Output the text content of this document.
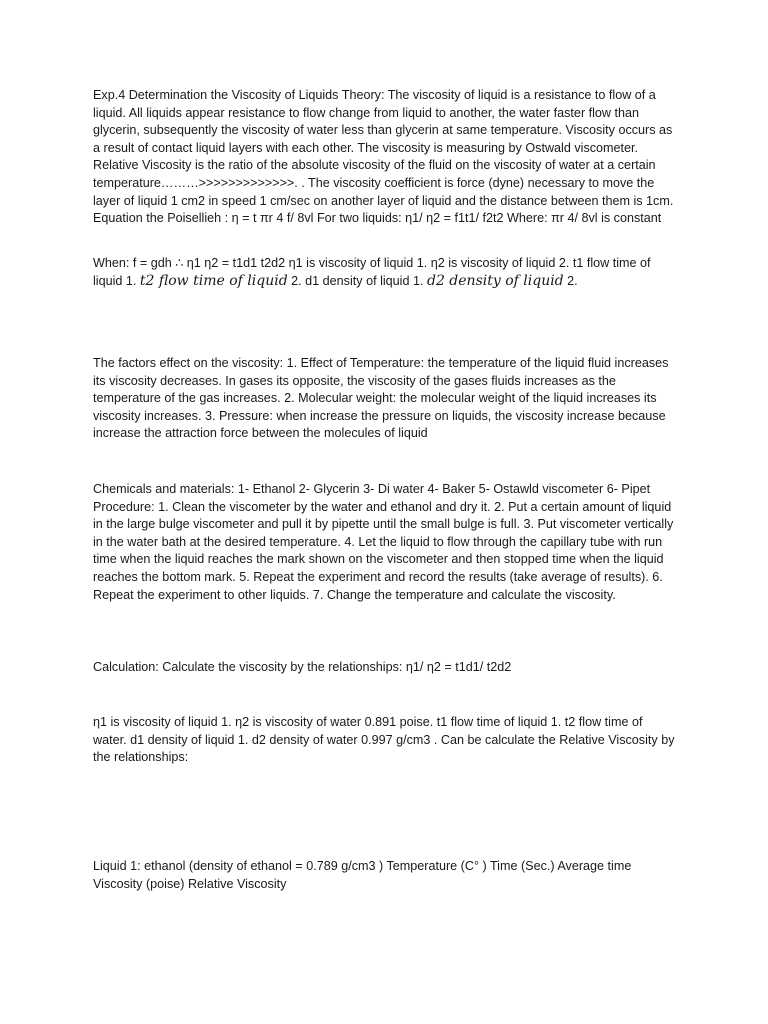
Exp.4 Determination the Viscosity of Liquids Theory: The viscosity of liquid is a resistance to flow of a liquid. All liquids appear resistance to flow change from liquid to another, the water faster flow than glycerin, subsequently the viscosity of water less than glycerin at same temperature. Viscosity occurs as a result of contact liquid layers with each other. The viscosity is measuring by Ostwald viscometer. Relative Viscosity is the ratio of the absolute viscosity of the fluid on the viscosity of water at a certain temperature………>>>>>>>>>>>>>. . The viscosity coefficient is force (dyne) necessary to move the layer of liquid 1 cm2 in speed 1 cm/sec on another layer of liquid and the distance between them is 1cm. Equation the Poisellieh : η = t πr 4 f/ 8vl For two liquids: η1/ η2 = f1t1/ f2t2 Where: πr 4/ 8vl is constant

When: f = gdh ∴ η1 η2 = t1d1 t2d2 η1 is viscosity of liquid 1. η2 is viscosity of liquid 2. t1 flow time of liquid 1. t2 flow time of liquid 2. d1 density of liquid 1. d2 density of liquid 2.

The factors effect on the viscosity: 1. Effect of Temperature: the temperature of the liquid fluid increases its viscosity decreases. In gases its opposite, the viscosity of the gases fluids increases as the temperature of the gas increases. 2. Molecular weight: the molecular weight of the liquid increases its viscosity increases. 3. Pressure: when increase the pressure on liquids, the viscosity increase because increase the attraction force between the molecules of liquid

Chemicals and materials: 1- Ethanol 2- Glycerin 3- Di water 4- Baker 5- Ostawld viscometer 6- Pipet Procedure: 1. Clean the viscometer by the water and ethanol and dry it. 2. Put a certain amount of liquid in the large bulge viscometer and pull it by pipette until the small bulge is full. 3. Put viscometer vertically in the water bath at the desired temperature. 4. Let the liquid to flow through the capillary tube with run time when the liquid reaches the mark shown on the viscometer and then stopped time when the liquid reaches the bottom mark. 5. Repeat the experiment and record the results (take average of results). 6. Repeat the experiment to other liquids. 7. Change the temperature and calculate the viscosity.

Calculation: Calculate the viscosity by the relationships: η1/ η2 = t1d1/ t2d2

η1 is viscosity of liquid 1. η2 is viscosity of water 0.891 poise. t1 flow time of liquid 1. t2 flow time of water. d1 density of liquid 1. d2 density of water 0.997 g/cm3 . Can be calculate the Relative Viscosity by the relationships:

Liquid 1: ethanol (density of ethanol = 0.789 g/cm3 ) Temperature (C° ) Time (Sec.) Average time Viscosity (poise) Relative Viscosity
